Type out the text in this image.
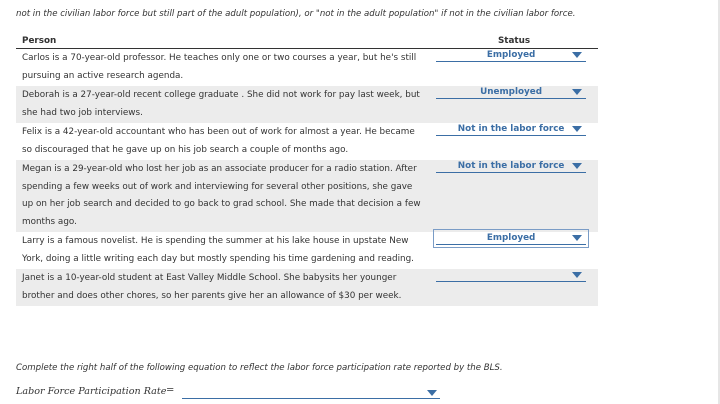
not in the civilian labor force but still part of the adult population), or "not in the adult population" if not in the civilian labor force.
Person	Status
Carlos is a 70-year-old professor. He teaches only one or two courses a year, but he's still pursuing an active research agenda.	Employed

Deborah is a 27-year-old recent college graduate . She did not work for pay last week, but she had two job interviews.	Unemployed

Felix is a 42-year-old accountant who has been out of work for almost a year. He became so discouraged that he gave up on his job search a couple of months ago.	Not in the labor force

Megan is a 29-year-old who lost her job as an associate producer for a radio station. After spending a few weeks out of work and interviewing for several other positions, she gave up on her job search and decided to go back to grad school. She made that decision a few months ago.	Not in the labor force

Larry is a famous novelist. He is spending the summer at his lake house in upstate New York, doing a little writing each day but mostly spending his time gardening and reading.	Employed

Janet is a 10-year-old student at East Valley Middle School. She babysits her younger brother and does other chores, so her parents give her an allowance of $30 per week.	
Complete the right half of the following equation to reflect the labor force participation rate reported by the BLS.
Labor Force Participation Rate =
